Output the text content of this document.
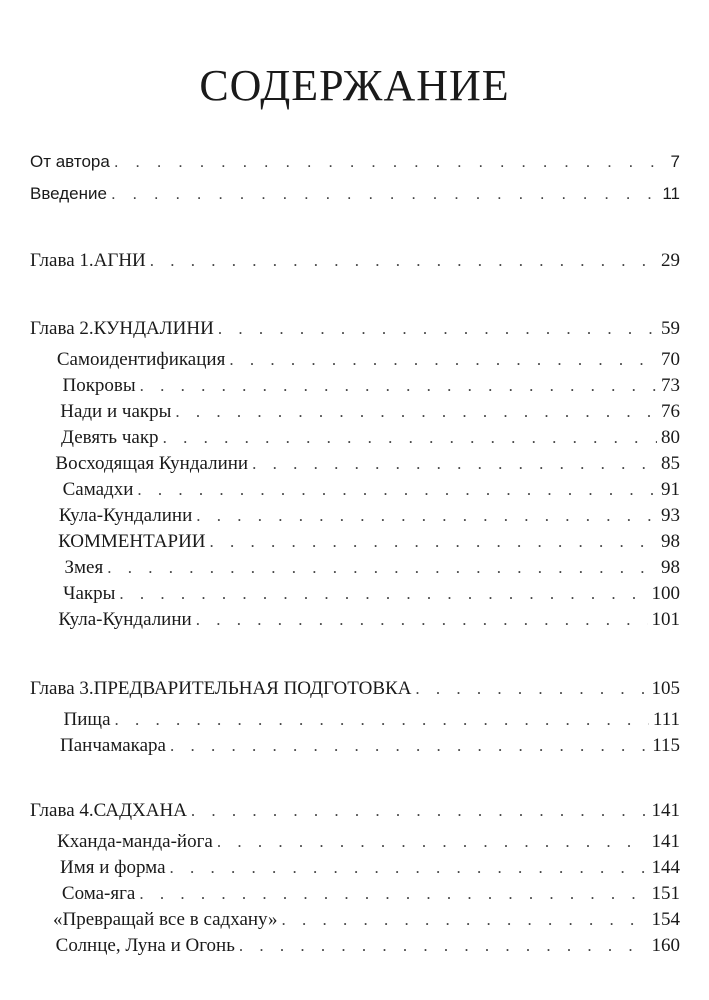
СОДЕРЖАНИЕ
От автора . . .	7
Введение . . .	11
Глава 1. АГНИ . . .	29
Глава 2. КУНДАЛИНИ . . .	59
Самоидентификация . . .	70
Покровы . . .	73
Нади и чакры . . .	76
Девять чакр . . .	80
Восходящая Кундалини . . .	85
Самадхи . . .	91
Кула-Кундалини . . .	93
КОММЕНТАРИИ . . .	98
Змея . . .	98
Чакры . . .	100
Кула-Кундалини . . .	101
Глава 3. ПРЕДВАРИТЕЛЬНАЯ ПОДГОТОВКА . . .	105
Пища . . .	111
Панчамакара . . .	115
Глава 4. САДХАНА . . .	141
Кханда-манда-йога . . .	141
Имя и форма . . .	144
Сома-яга . . .	151
«Превращай все в садхану» . . .	154
Солнце, Луна и Огонь . . .	160
